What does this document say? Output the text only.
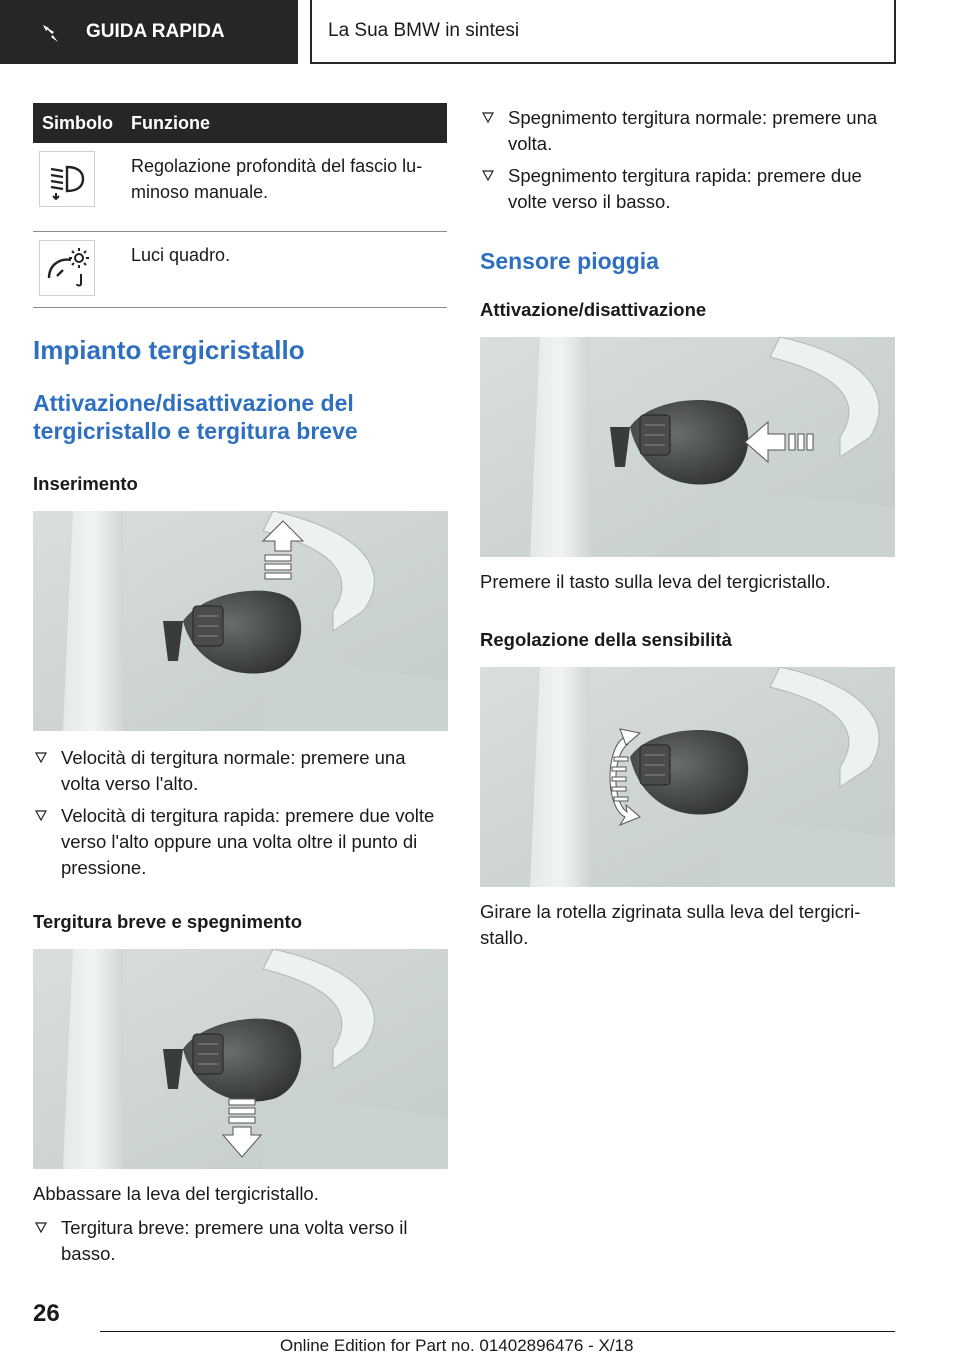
GUIDA RAPIDA	La Sua BMW in sintesi
Simbolo	Funzione

	Regolazione profondità del fascio lu-minoso manuale.

	Luci quadro.
Impianto tergicristallo
Attivazione/disattivazione del tergicristallo e tergitura breve
Inserimento
Velocità di tergitura normale: premere una volta verso l'alto.
Velocità di tergitura rapida: premere due volte verso l'alto oppure una volta oltre il punto di pressione.
Tergitura breve e spegnimento

Abbassare la leva del tergicristallo.

Tergitura breve: premere una volta verso il basso.
Spegnimento tergitura normale: premere una volta.
Spegnimento tergitura rapida: premere due volte verso il basso.
Sensore pioggia
Attivazione/disattivazione

Premere il tasto sulla leva del tergicristallo.

Regolazione della sensibilità

Girare la rotella zigrinata sulla leva del tergicri-stallo.

26
Online Edition for Part no. 01402896476 - X/18
